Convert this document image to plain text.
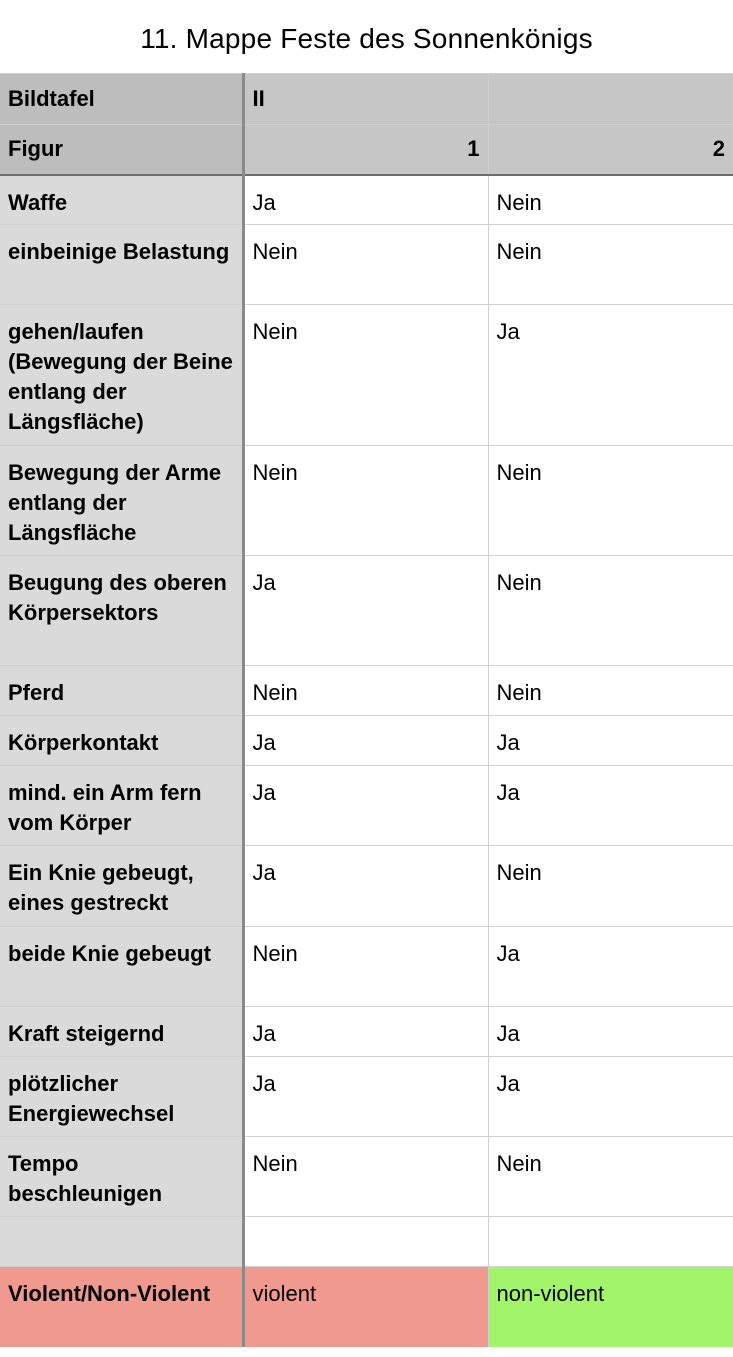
11. Mappe Feste des Sonnenkönigs
Bildtafel	II	
Figur	1	2
Waffe	Ja	Nein
einbeinige Belastung	Nein	Nein
gehen/laufen (Bewegung der Beine entlang der Längsfläche)	Nein	Ja
Bewegung der Arme entlang der Längsfläche	Nein	Nein
Beugung des oberen Körpersektors	Ja	Nein
Pferd	Nein	Nein
Körperkontakt	Ja	Ja
mind. ein Arm fern vom Körper	Ja	Ja
Ein Knie gebeugt, eines gestreckt	Ja	Nein
beide Knie gebeugt	Nein	Ja
Kraft steigernd	Ja	Ja
plötzlicher Energiewechsel	Ja	Ja
Tempo beschleunigen	Nein	Nein

Violent/Non-Violent	violent	non-violent
